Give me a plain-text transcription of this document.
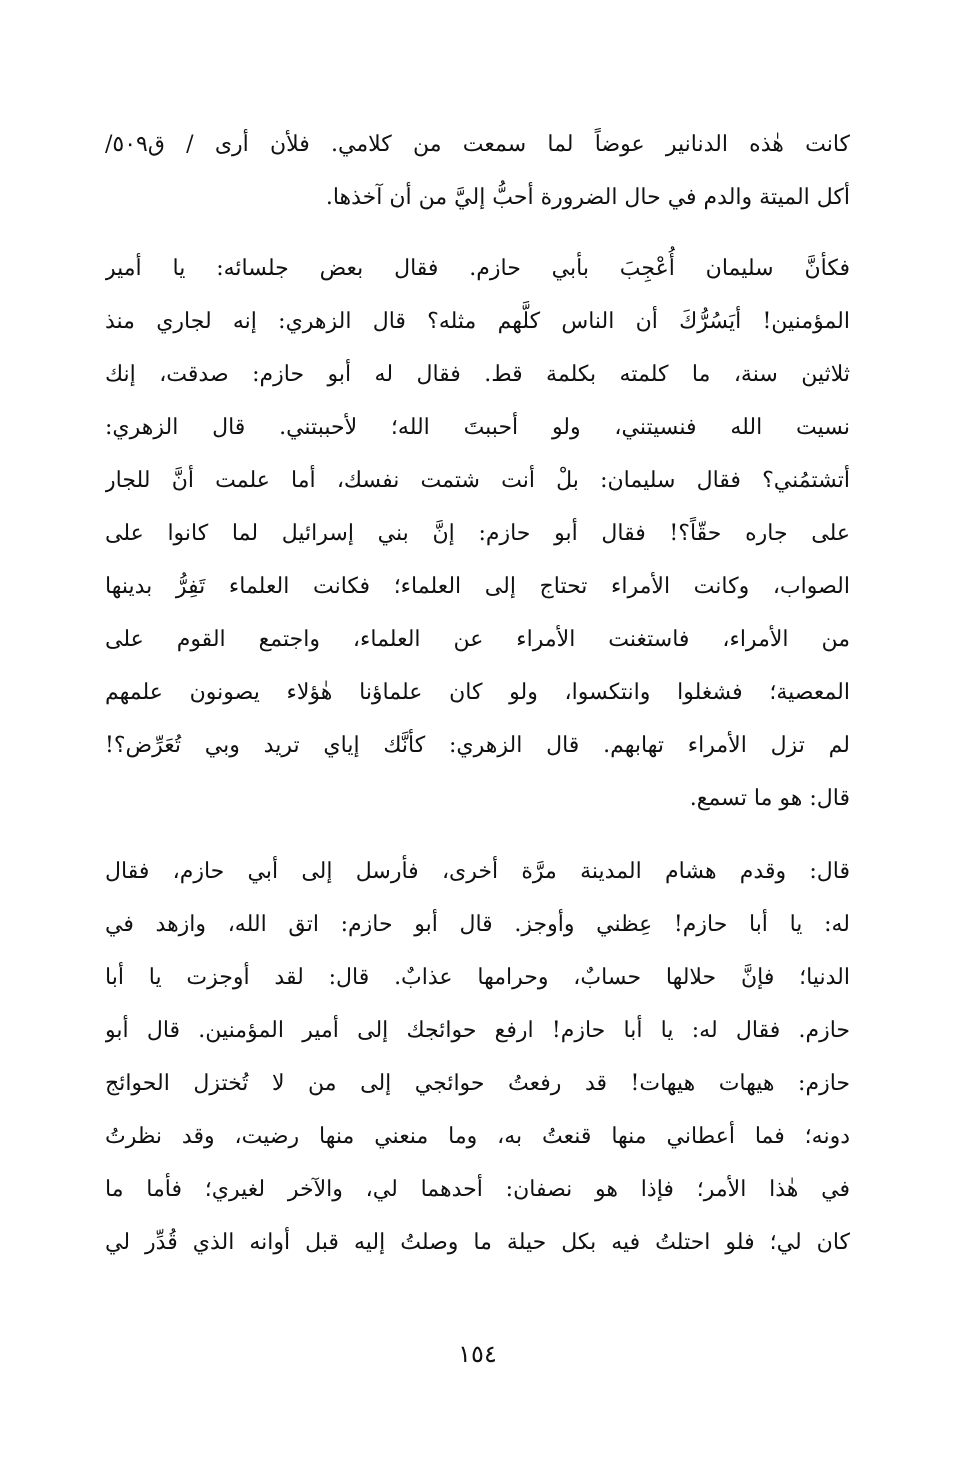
كانت هٰذه الدنانير عوضاً لما سمعت من كلامي. فلأن أرى / ق٥٠٩/
أكل الميتة والدم في حال الضرورة أحبُّ إليَّ من أن آخذها.
فكأنَّ سليمان أُعْجِبَ بأبي حازم. فقال بعض جلسائه: يا أمير
المؤمنين! أيَسُرُّكَ أن الناس كلَّهم مثله؟ قال الزهري: إنه لجاري منذ
ثلاثين سنة، ما كلمته بكلمة قط. فقال له أبو حازم: صدقت، إنك
نسيت الله فنسيتني، ولو أحببتَ الله؛ لأحببتني. قال الزهري:
أتشتمُني؟ فقال سليمان: بلْ أنت شتمت نفسك، أما علمت أنَّ للجار
على جاره حقّاً؟! فقال أبو حازم: إنَّ بني إسرائيل لما كانوا على
الصواب، وكانت الأمراء تحتاج إلى العلماء؛ فكانت العلماء تَفِرُّ بدينها
من الأمراء، فاستغنت الأمراء عن العلماء، واجتمع القوم على
المعصية؛ فشغلوا وانتكسوا، ولو كان علماؤنا هٰؤلاء يصونون علمهم
لم تزل الأمراء تهابهم. قال الزهري: كأنَّك إياي تريد وبي تُعَرِّض؟!
قال: هو ما تسمع.
قال: وقدم هشام المدينة مرَّة أخرى، فأرسل إلى أبي حازم، فقال
له: يا أبا حازم! عِظني وأوجز. قال أبو حازم: اتق الله، وازهد في
الدنيا؛ فإنَّ حلالها حسابٌ، وحرامها عذابٌ. قال: لقد أوجزت يا أبا
حازم. فقال له: يا أبا حازم! ارفع حوائجك إلى أمير المؤمنين. قال أبو
حازم: هيهات هيهات! قد رفعتُ حوائجي إلى من لا تُختزل الحوائج
دونه؛ فما أعطاني منها قنعتُ به، وما منعني منها رضيت، وقد نظرتُ
في هٰذا الأمر؛ فإذا هو نصفان: أحدهما لي، والآخر لغيري؛ فأما ما
كان لي؛ فلو احتلتُ فيه بكل حيلة ما وصلتُ إليه قبل أوانه الذي قُدِّر لي
١٥٤
